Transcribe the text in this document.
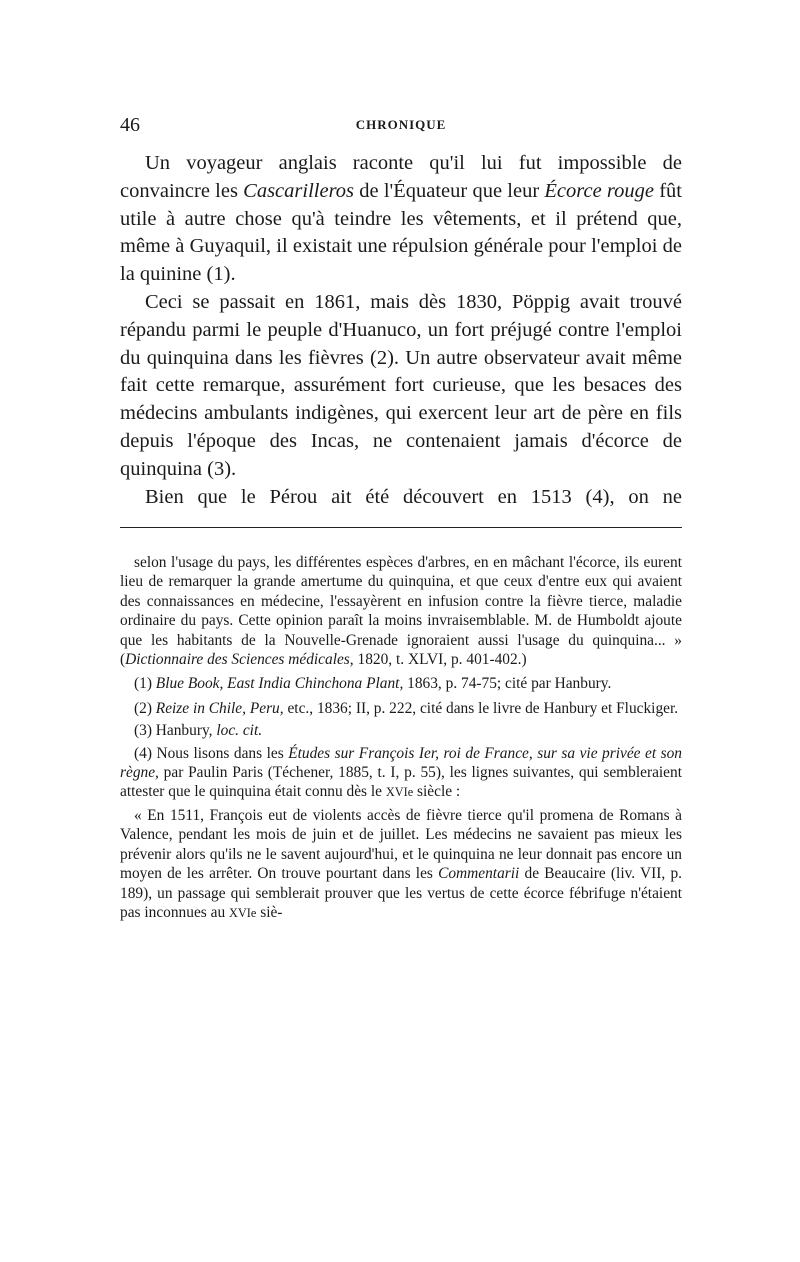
46	CHRONIQUE

Un voyageur anglais raconte qu'il lui fut impossible de convaincre les Cascarilleros de l'Équateur que leur Écorce rouge fût utile à autre chose qu'à teindre les vêtements, et il prétend que, même à Guyaquil, il existait une répulsion générale pour l'emploi de la quinine (1).

Ceci se passait en 1861, mais dès 1830, Pöppig avait trouvé répandu parmi le peuple d'Huanuco, un fort préjugé contre l'emploi du quinquina dans les fièvres (2). Un autre observateur avait même fait cette remarque, assurément fort curieuse, que les besaces des médecins ambulants indigènes, qui exercent leur art de père en fils depuis l'époque des Incas, ne contenaient jamais d'écorce de quinquina (3).

Bien que le Pérou ait été découvert en 1513 (4), on ne

selon l'usage du pays, les différentes espèces d'arbres, en en mâchant l'écorce, ils eurent lieu de remarquer la grande amertume du quinquina, et que ceux d'entre eux qui avaient des connaissances en médecine, l'essayèrent en infusion contre la fièvre tierce, maladie ordinaire du pays. Cette opinion paraît la moins invraisemblable. M. de Humboldt ajoute que les habitants de la Nouvelle-Grenade ignoraient aussi l'usage du quinquina... » (Dictionnaire des Sciences médicales, 1820, t. XLVI, p. 401-402.)

(1) Blue Book, East India Chinchona Plant, 1863, p. 74-75; cité par Hanbury.

(2) Reize in Chile, Peru, etc., 1836; II, p. 222, cité dans le livre de Hanbury et Fluckiger.

(3) Hanbury, loc. cit.

(4) Nous lisons dans les Études sur François Ier, roi de France, sur sa vie privée et son règne, par Paulin Paris (Téchener, 1885, t. I, p. 55), les lignes suivantes, qui sembleraient attester que le quinquina était connu dès le XVIe siècle :

« En 1511, François eut de violents accès de fièvre tierce qu'il promena de Romans à Valence, pendant les mois de juin et de juillet. Les médecins ne savaient pas mieux les prévenir alors qu'ils ne le savent aujourd'hui, et le quinquina ne leur donnait pas encore un moyen de les arrêter. On trouve pourtant dans les Commentarii de Beaucaire (liv. VII, p. 189), un passage qui semblerait prouver que les vertus de cette écorce fébrifuge n'étaient pas inconnues au XVIe siè-
